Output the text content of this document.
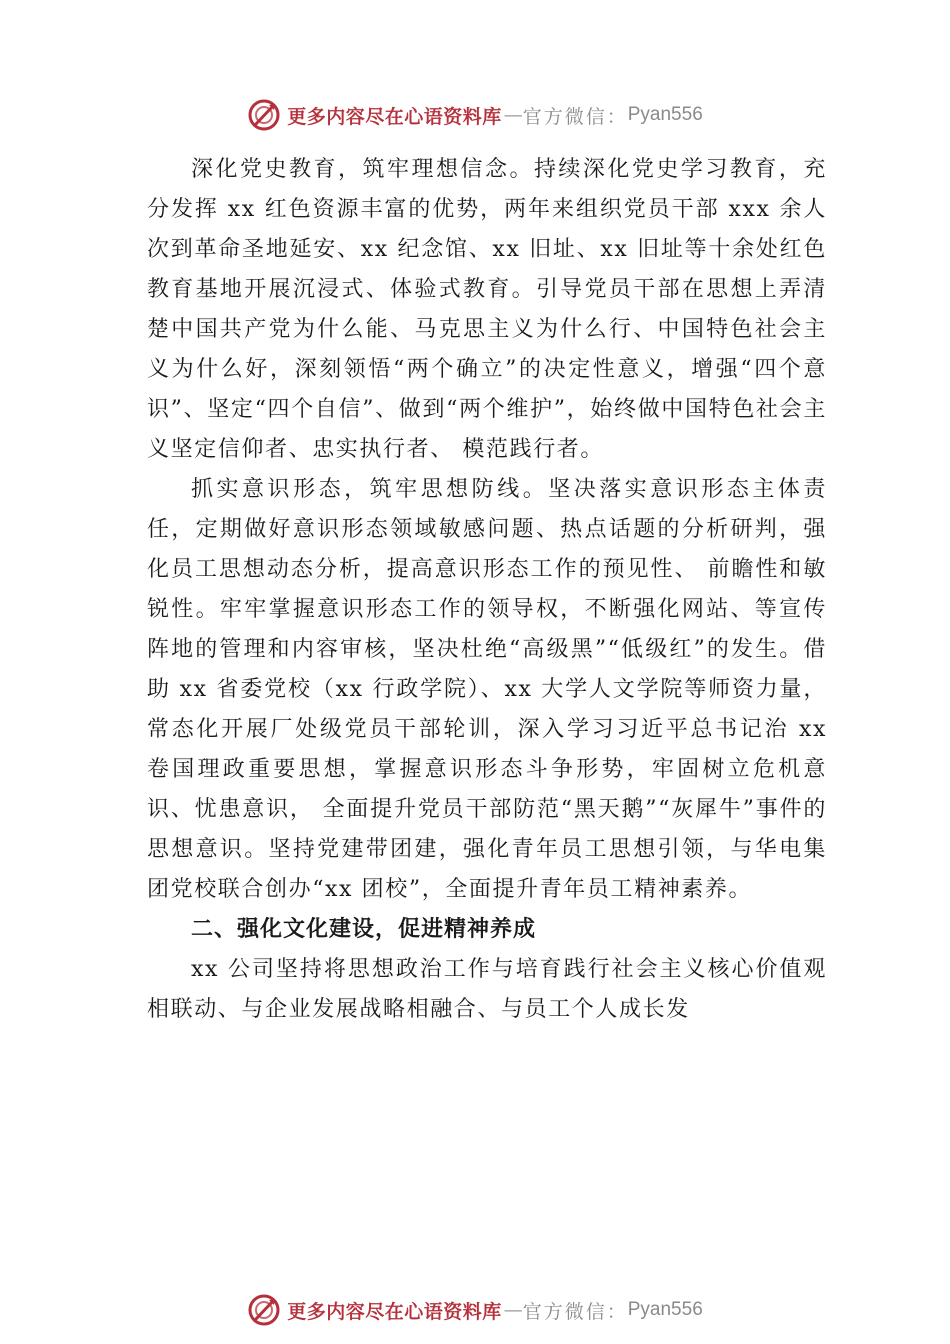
更多内容尽在心语资料库 — 官方微信： Pyan556

深化党史教育，筑牢理想信念。持续深化党史学习教育，充分发挥 xx 红色资源丰富的优势，两年来组织党员干部 xxx 余人次到革命圣地延安、xx 纪念馆、xx 旧址、xx 旧址等十余处红色教育基地开展沉浸式、体验式教育。引导党员干部在思想上弄清楚中国共产党为什么能、马克思主义为什么行、中国特色社会主义为什么好，深刻领悟“两个确立”的决定性意义，增强“四个意识”、坚定“四个自信”、做到“两个维护”，始终做中国特色社会主义坚定信仰者、忠实执行者、 模范践行者。

抓实意识形态，筑牢思想防线。坚决落实意识形态主体责任，定期做好意识形态领域敏感问题、热点话题的分析研判，强化员工思想动态分析，提高意识形态工作的预见性、 前瞻性和敏锐性。牢牢掌握意识形态工作的领导权，不断强化网站、等宣传阵地的管理和内容审核，坚决杜绝“高级黑”“低级红”的发生。借助 xx 省委党校（xx 行政学院）、xx 大学人文学院等师资力量，常态化开展厂处级党员干部轮训，深入学习习近平总书记治 xx 卷国理政重要思想，掌握意识形态斗争形势，牢固树立危机意识、忧患意识， 全面提升党员干部防范“黑天鹅”“灰犀牛”事件的思想意识。坚持党建带团建，强化青年员工思想引领，与华电集团党校联合创办“xx 团校”，全面提升青年员工精神素养。

二、强化文化建设，促进精神养成

xx 公司坚持将思想政治工作与培育践行社会主义核心价值观相联动、与企业发展战略相融合、与员工个人成长发

更多内容尽在心语资料库 — 官方微信： Pyan556
